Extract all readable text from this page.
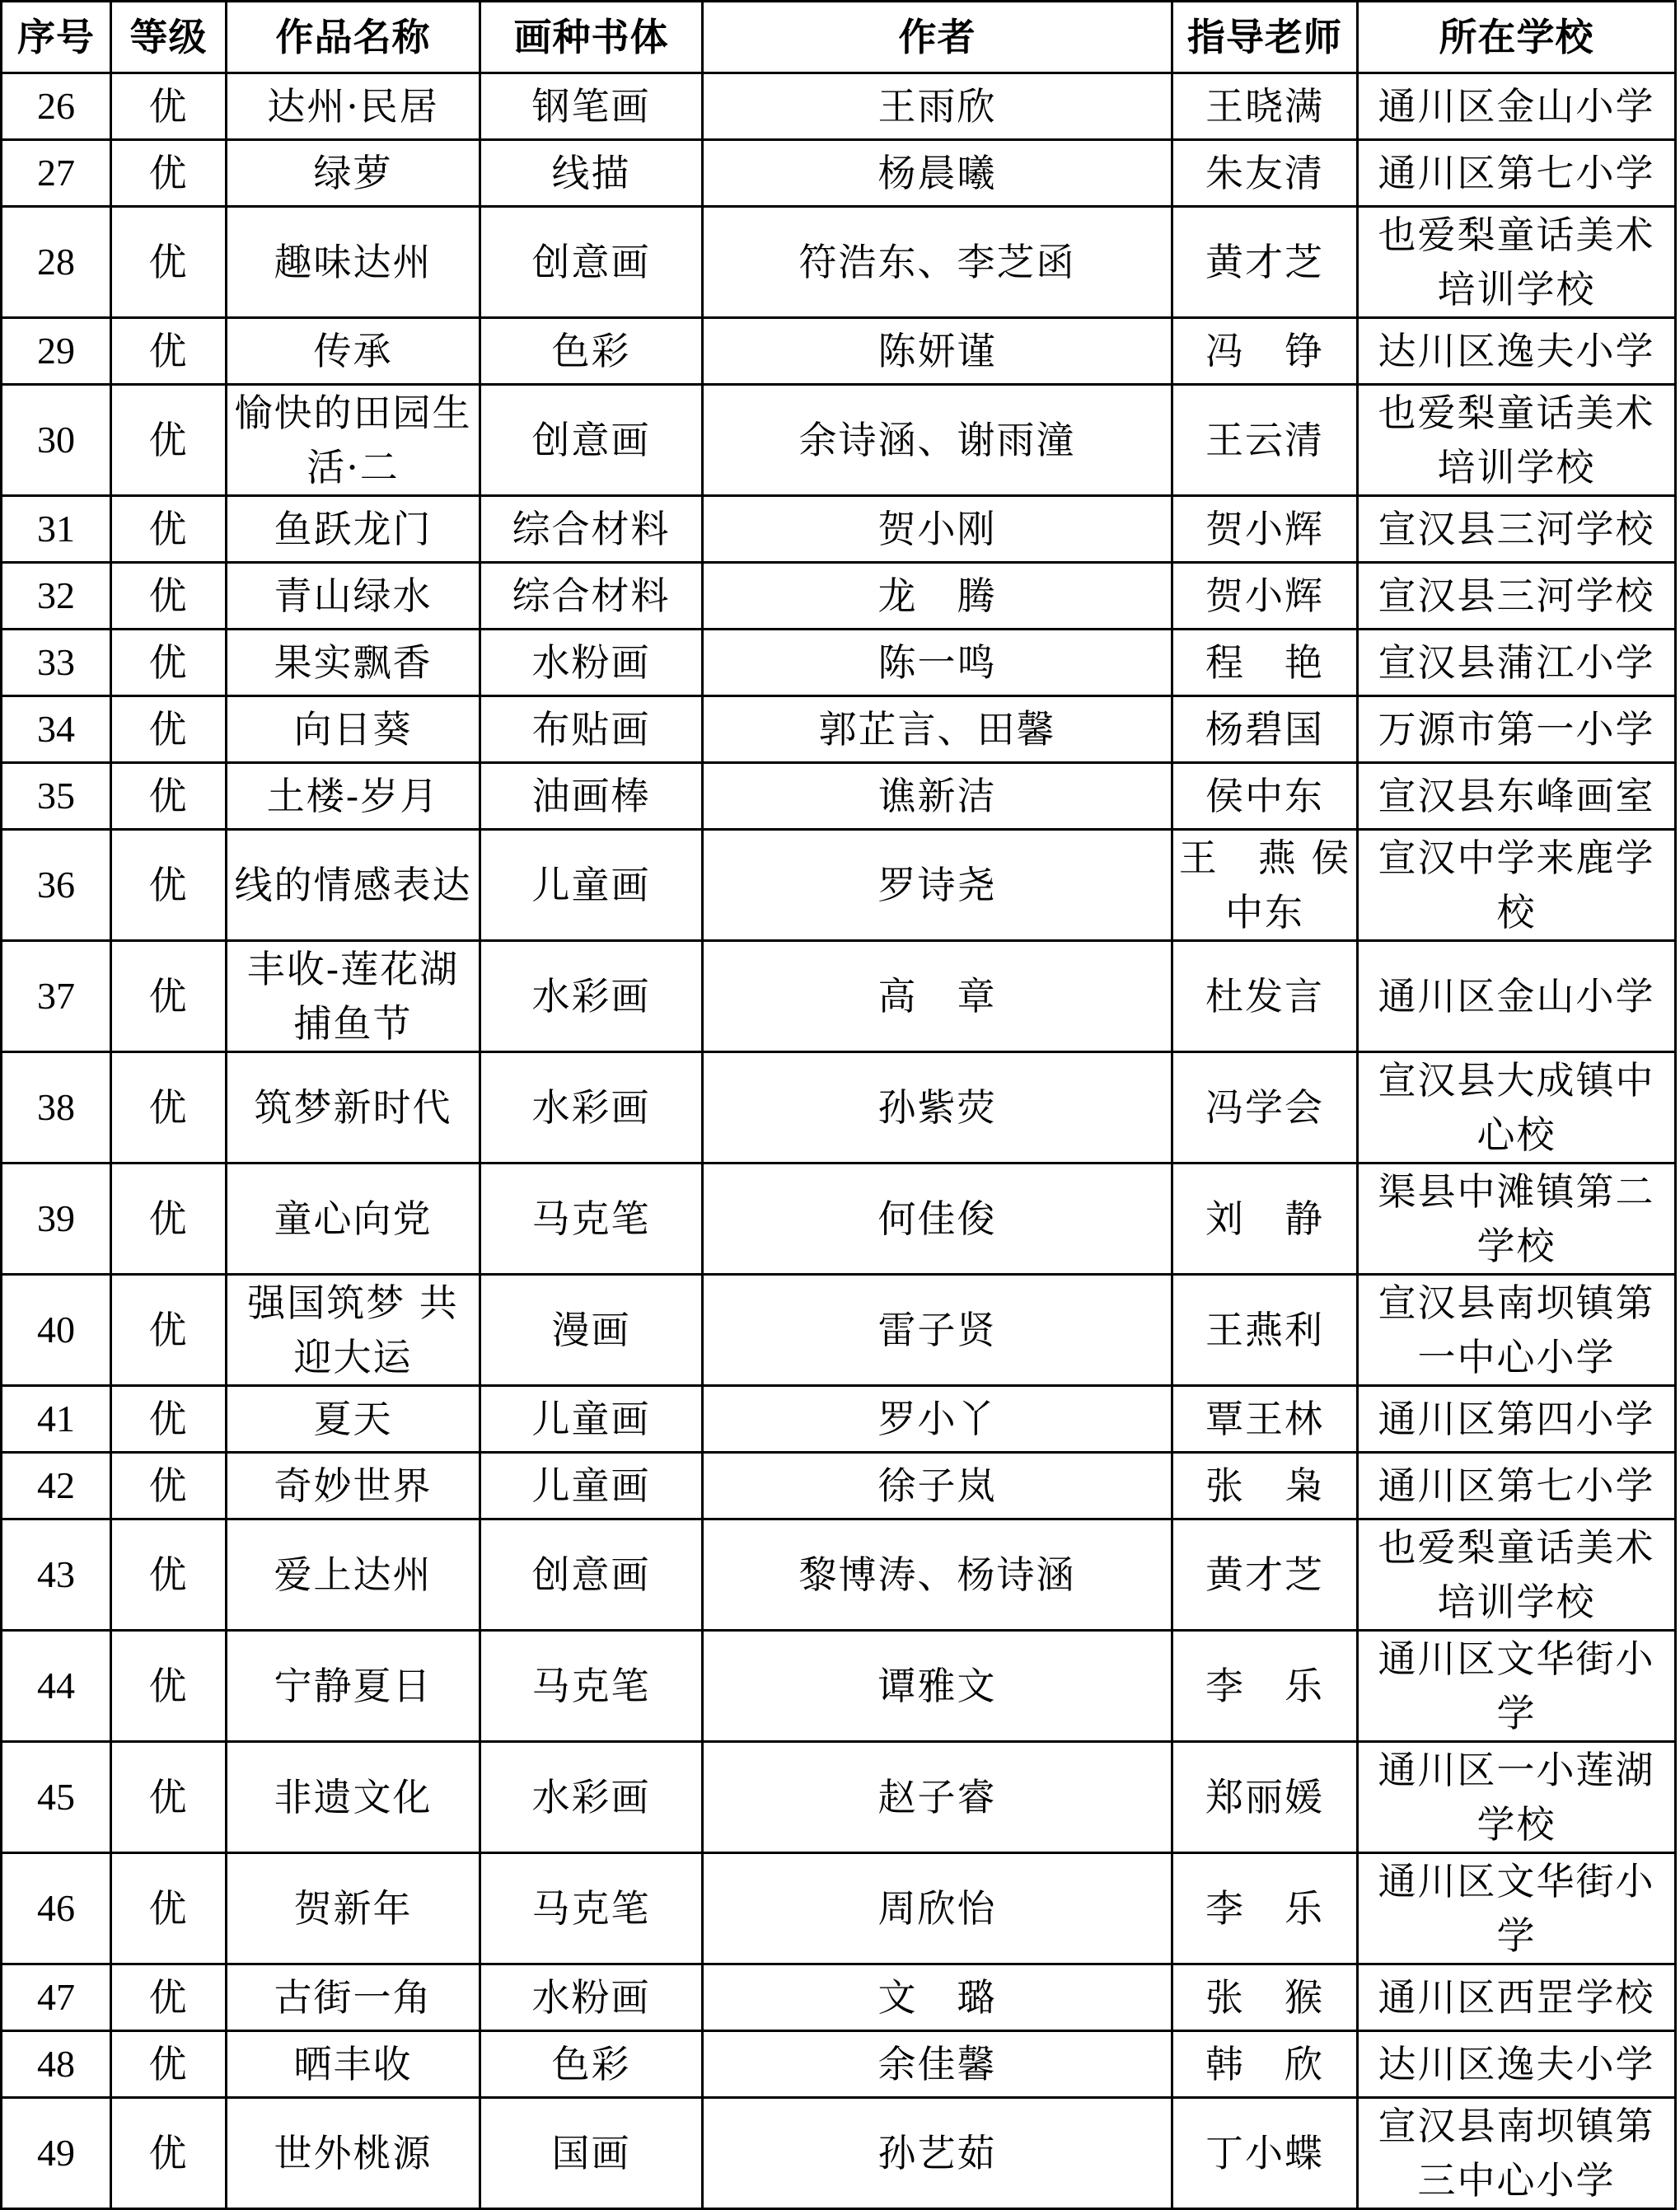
序号	等级	作品名称	画种书体	作者	指导老师	所在学校
26	优	达州·民居	钢笔画	王雨欣	王晓满	通川区金山小学
27	优	绿萝	线描	杨晨曦	朱友清	通川区第七小学
28	优	趣味达州	创意画	符浩东、李芝函	黄才芝	也爱梨童话美术培训学校
29	优	传承	色彩	陈妍谨	冯　铮	达川区逸夫小学
30	优	愉快的田园生活·二	创意画	余诗涵、谢雨潼	王云清	也爱梨童话美术培训学校
31	优	鱼跃龙门	综合材料	贺小刚	贺小辉	宣汉县三河学校
32	优	青山绿水	综合材料	龙　腾	贺小辉	宣汉县三河学校
33	优	果实飘香	水粉画	陈一鸣	程　艳	宣汉县蒲江小学
34	优	向日葵	布贴画	郭芷言、田馨	杨碧国	万源市第一小学
35	优	土楼-岁月	油画棒	谯新洁	侯中东	宣汉县东峰画室
36	优	线的情感表达	儿童画	罗诗尧	王　燕 侯中东	宣汉中学来鹿学校
37	优	丰收-莲花湖捕鱼节	水彩画	高　章	杜发言	通川区金山小学
38	优	筑梦新时代	水彩画	孙紫荧	冯学会	宣汉县大成镇中心校
39	优	童心向党	马克笔	何佳俊	刘　静	渠县中滩镇第二学校
40	优	强国筑梦 共迎大运	漫画	雷子贤	王燕利	宣汉县南坝镇第一中心小学
41	优	夏天	儿童画	罗小丫	覃王林	通川区第四小学
42	优	奇妙世界	儿童画	徐子岚	张　枭	通川区第七小学
43	优	爱上达州	创意画	黎博涛、杨诗涵	黄才芝	也爱梨童话美术培训学校
44	优	宁静夏日	马克笔	谭雅文	李　乐	通川区文华街小学
45	优	非遗文化	水彩画	赵子睿	郑丽媛	通川区一小莲湖学校
46	优	贺新年	马克笔	周欣怡	李　乐	通川区文华街小学
47	优	古街一角	水粉画	文　璐	张　猴	通川区西罡学校
48	优	晒丰收	色彩	余佳馨	韩　欣	达川区逸夫小学
49	优	世外桃源	国画	孙艺茹	丁小蝶	宣汉县南坝镇第三中心小学
